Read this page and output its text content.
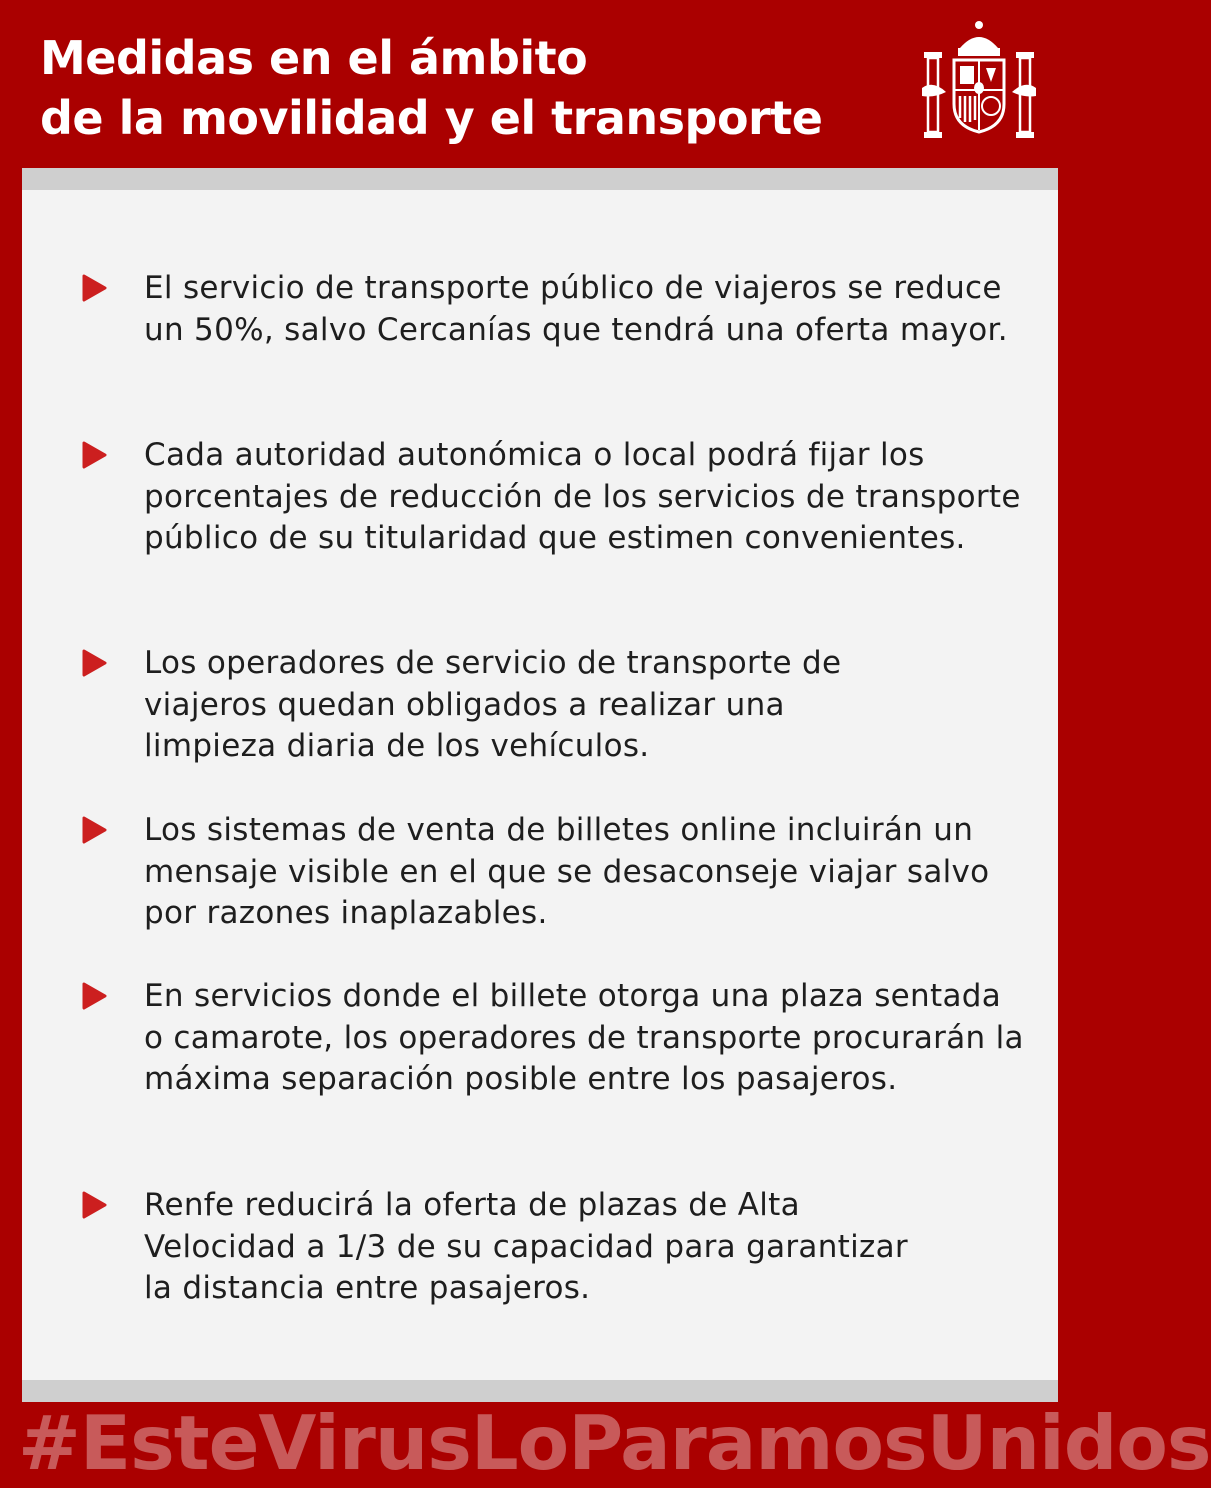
Medidas en el ámbito
de la movilidad y el transporte
El servicio de transporte público de viajeros se reduce un 50%, salvo Cercanías que tendrá una oferta mayor.
Cada autoridad autonómica o local podrá fijar los porcentajes de reducción de los servicios de transporte público de su titularidad que estimen convenientes.
Los operadores de servicio de transporte de viajeros quedan obligados a realizar una limpieza diaria de los vehículos.
Los sistemas de venta de billetes online incluirán un mensaje visible en el que se desaconseje viajar salvo por razones inaplazables.
En servicios donde el billete otorga una plaza sentada o camarote, los operadores de transporte procurarán la máxima separación posible entre los pasajeros.
Renfe reducirá la oferta de plazas de Alta Velocidad a 1/3 de su capacidad para garantizar la distancia entre pasajeros.
#EsteVirusLoParamosUnidos
